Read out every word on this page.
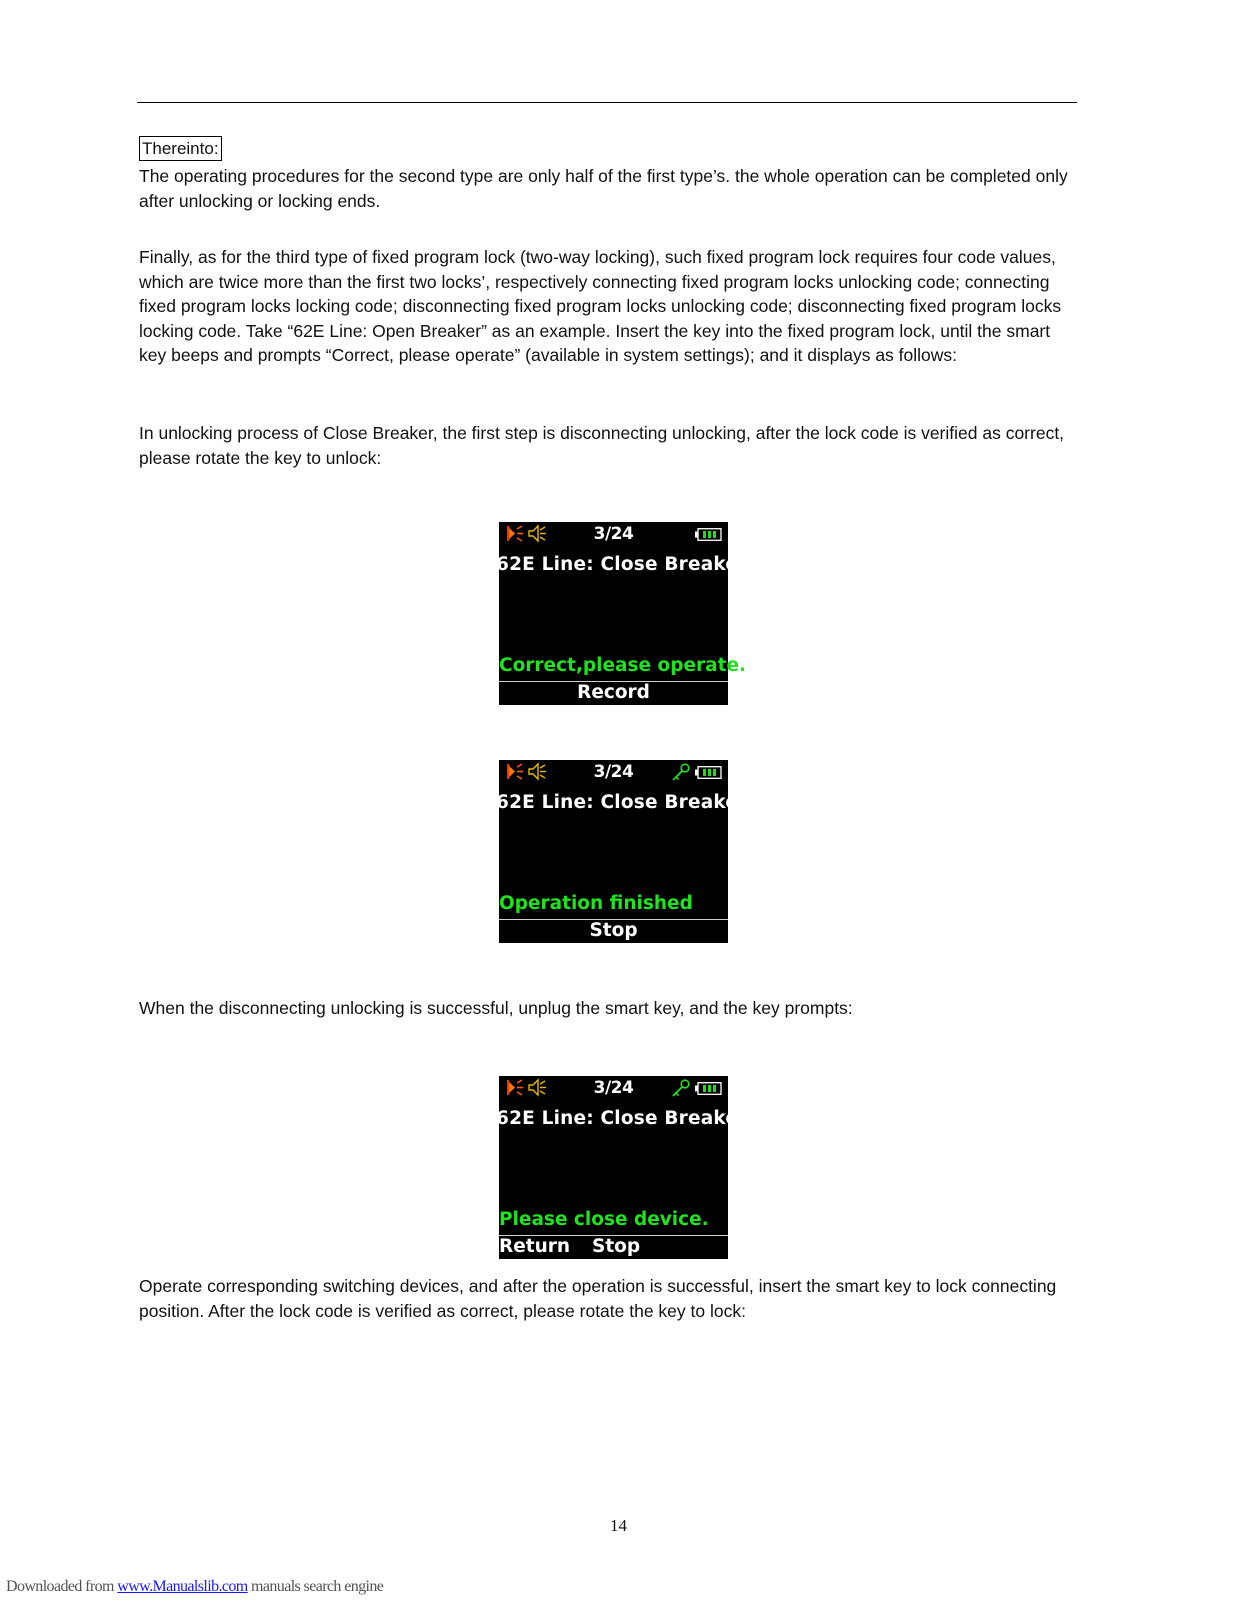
Thereinto:

The operating procedures for the second type are only half of the first type’s. the whole operation can be completed only after unlocking or locking ends.

Finally, as for the third type of fixed program lock (two-way locking), such fixed program lock requires four code values, which are twice more than the first two locks’, respectively connecting fixed program locks unlocking code; connecting fixed program locks locking code; disconnecting fixed program locks unlocking code; disconnecting fixed program locks locking code. Take “62E Line: Open Breaker” as an example. Insert the key into the fixed program lock, until the smart key beeps and prompts “Correct, please operate” (available in system settings); and it displays as follows:

In unlocking process of Close Breaker, the first step is disconnecting unlocking, after the lock code is verified as correct, please rotate the key to unlock:

3/24
62E Line: Close Breaker.
Correct,please operate.
Record
3/24
62E Line: Close Breaker.
Operation finished
Stop

When the disconnecting unlocking is successful, unplug the smart key, and the key prompts:

3/24
62E Line: Close Breaker.
Please close device.
Return Stop

Operate corresponding switching devices, and after the operation is successful, insert the smart key to lock connecting position. After the lock code is verified as correct, please rotate the key to lock:

14
Downloaded from www.Manualslib.com manuals search engine
